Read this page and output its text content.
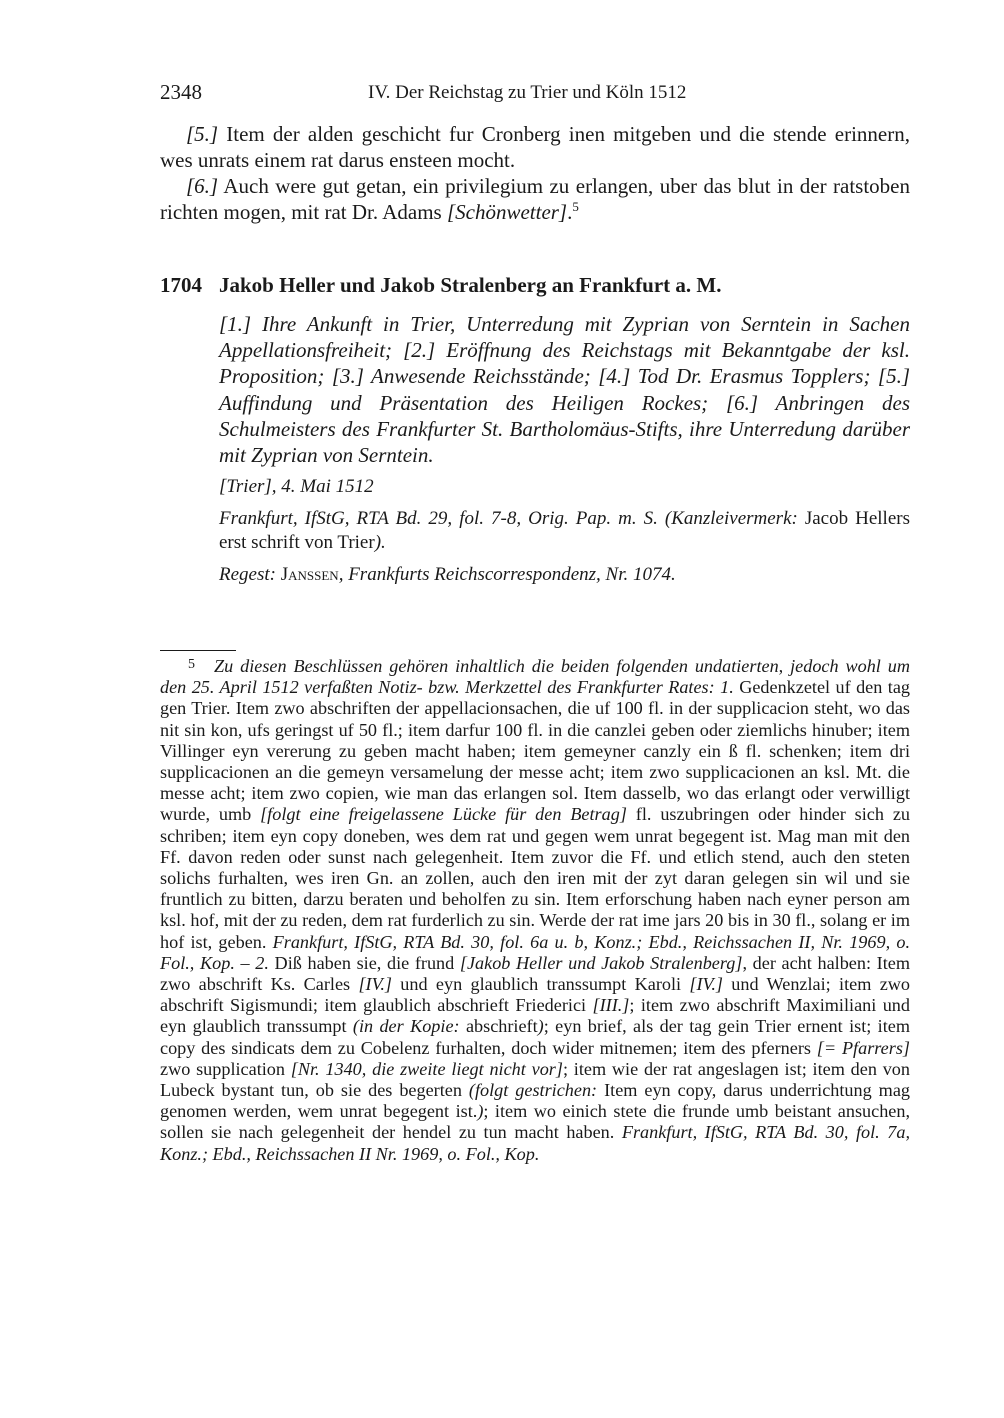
2348	IV. Der Reichstag zu Trier und Köln 1512

[5.] Item der alden geschicht fur Cronberg inen mitgeben und die stende erinnern, wes unrats einem rat darus ensteen mocht.

[6.] Auch were gut getan, ein privilegium zu erlangen, uber das blut in der ratstoben richten mogen, mit rat Dr. Adams [Schönwetter].$^5$

1704 Jakob Heller und Jakob Stralenberg an Frankfurt a. M.
[1.] Ihre Ankunft in Trier, Unterredung mit Zyprian von Serntein in Sachen Appellationsfreiheit; [2.] Eröffnung des Reichstags mit Bekanntgabe der ksl. Proposition; [3.] Anwesende Reichsstände; [4.] Tod Dr. Erasmus Topplers; [5.] Auffindung und Präsentation des Heiligen Rockes; [6.] Anbringen des Schulmeisters des Frankfurter St. Bartholomäus-Stifts, ihre Unterredung darüber mit Zyprian von Serntein.
[Trier], 4. Mai 1512
Frankfurt, IfStG, RTA Bd. 29, fol. 7-8, Orig. Pap. m. S. (Kanzleivermerk: Jacob Hellers erst schrift von Trier).
Regest: Janssen, Frankfurts Reichscorrespondenz, Nr. 1074.
5 Zu diesen Beschlüssen gehören inhaltlich die beiden folgenden undatierten, jedoch wohl um den 25. April 1512 verfaßten Notiz- bzw. Merkzettel des Frankfurter Rates: 1. Gedenkzetel uf den tag gen Trier. Item zwo abschriften der appellacionsachen, die uf 100 fl. in der supplicacion steht, wo das nit sin kon, ufs geringst uf 50 fl.; item darfur 100 fl. in die canzlei geben oder ziemlichs hinuber; item Villinger eyn vererung zu geben macht haben; item gemeyner canzly ein ß fl. schenken; item dri supplicacionen an die gemeyn versamelung der messe acht; item zwo supplicacionen an ksl. Mt. die messe acht; item zwo copien, wie man das erlangen sol. Item dasselb, wo das erlangt oder verwilligt wurde, umb [folgt eine freigelassene Lücke für den Betrag] fl. uszubringen oder hinder sich zu schriben; item eyn copy doneben, wes dem rat und gegen wem unrat begegent ist. Mag man mit den Ff. davon reden oder sunst nach gelegenheit. Item zuvor die Ff. und etlich stend, auch den steten solichs furhalten, wes iren Gn. an zollen, auch den iren mit der zyt daran gelegen sin wil und sie fruntlich zu bitten, darzu beraten und beholfen zu sin. Item erforschung haben nach eyner person am ksl. hof, mit der zu reden, dem rat furderlich zu sin. Werde der rat ime jars 20 bis in 30 fl., solang er im hof ist, geben. Frankfurt, IfStG, RTA Bd. 30, fol. 6a u. b, Konz.; Ebd., Reichssachen II, Nr. 1969, o. Fol., Kop. – 2. Diß haben sie, die frund [Jakob Heller und Jakob Stralenberg], der acht halben: Item zwo abschrift Ks. Carles [IV.] und eyn glaublich transsumpt Karoli [IV.] und Wenzlai; item zwo abschrift Sigismundi; item glaublich abschrieft Friederici [III.]; item zwo abschrift Maximiliani und eyn glaublich transsumpt (in der Kopie: abschrieft); eyn brief, als der tag gein Trier ernent ist; item copy des sindicats dem zu Cobelenz furhalten, doch wider mitnemen; item des pferners [= Pfarrers] zwo supplication [Nr. 1340, die zweite liegt nicht vor]; item wie der rat angeslagen ist; item den von Lubeck bystant tun, ob sie des begerten (folgt gestrichen: Item eyn copy, darus underrichtung mag genomen werden, wem unrat begegent ist.); item wo einich stete die frunde umb beistant ansuchen, sollen sie nach gelegenheit der hendel zu tun macht haben. Frankfurt, IfStG, RTA Bd. 30, fol. 7a, Konz.; Ebd., Reichssachen II Nr. 1969, o. Fol., Kop.
